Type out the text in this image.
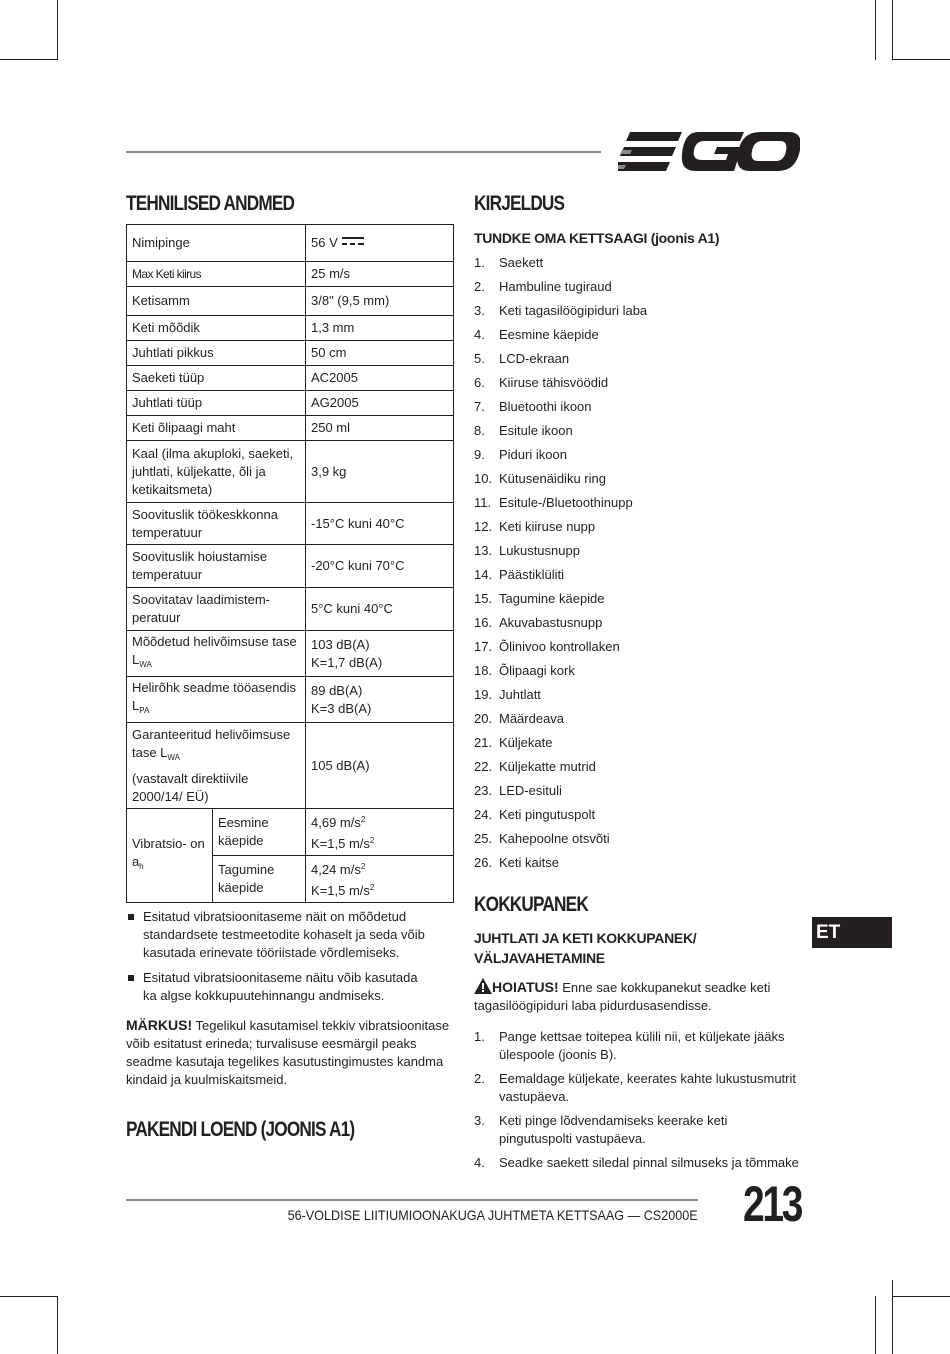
TEHNILISED ANDMED
Nimipinge		56 V
Max Keti kiirus		25 m/s
Ketisamm		3/8" (9,5 mm)
Keti mõõdik		1,3 mm
Juhtlati pikkus		50 cm
Saeketi tüüp		AC2005
Juhtlati tüüp		AG2005
Keti õlipaagi maht		250 ml
Kaal (ilma akuploki, saeketi, juhtlati, küljekatte, õli ja ketikaitsmeta)		3,9 kg
Soovituslik töökeskkonna temperatuur		-15°C kuni 40°C
Soovituslik hoiustamise temperatuur		-20°C kuni 70°C
Soovitatav laadimistem-peratuur		5°C kuni 40°C
Mõõdetud helivõimsuse tase $L_{WA}$		103 dB(A)
K=1,7 dB(A)
Helirõhk seadme tööasendis $L_{PA}$		89 dB(A)
K=3 dB(A)
Garanteeritud helivõimsuse tase $L_{WA}$
(vastavalt direktiivile 2000/14/ EÜ)		105 dB(A)
Vibratsio- on $a_h$	Eesmine käepide	4,69 $m/s^2$
K=1,5 $m/s^2$
	Tagumine käepide	4,24 $m/s^2$
K=1,5 $m/s^2$
Esitatud vibratsioonitaseme näit on mõõdetud standardsete testmeetodite kohaselt ja seda võib kasutada erinevate tööriistade võrdlemiseks.
Esitatud vibratsioonitaseme näitu võib kasutada ka algse kokkupuutehinnangu andmiseks.
MÄRKUS! Tegelikul kasutamisel tekkiv vibratsioonitase võib esitatust erineda; turvalisuse eesmärgil peaks seadme kasutaja tegelikes kasutustingimustes kandma kindaid ja kuulmiskaitsmeid.
PAKENDI LOEND (JOONIS A1)
KIRJELDUS
TUNDKE OMA KETTSAAGI (joonis A1)
1.	Saekett
2.	Hambuline tugiraud
3.	Keti tagasilöögipiduri laba
4.	Eesmine käepide
5.	LCD-ekraan
6.	Kiiruse tähisvöödid
7.	Bluetoothi ikoon
8.	Esitule ikoon
9.	Piduri ikoon
10. Kütusenäidiku ring
11. Esitule-/Bluetoothinupp
12. Keti kiiruse nupp
13. Lukustusnupp
14. Päästiklüliti
15. Tagumine käepide
16. Akuvabastusnupp
17. Õlinivoo kontrollaken
18. Õlipaagi kork
19. Juhtlatt
20. Määrdeava
21. Küljekate
22. Küljekatte mutrid
23. LED-esituli
24. Keti pingutuspolt
25. Kahepoolne otsvõti
26. Keti kaitse
KOKKUPANEK
JUHTLATI JA KETI KOKKUPANEK/
VÄLJAVAHETAMINE
HOIATUS! Enne sae kokkupanekut seadke keti tagasilöögipiduri laba pidurdusasendisse.
1. Pange kettsae toitepea külili nii, et küljekate jääks ülespoole (joonis B).
2. Eemaldage küljekate, keerates kahte lukustusmutrit vastupäeva.
3. Keti pinge lõdvendamiseks keerake keti pingutuspolti vastupäeva.
4. Seadke saekett siledal pinnal silmuseks ja tõmmake
ET
56-VOLDISE LIITIUMIOONAKUGA JUHTMETA KETTSAAG — CS2000E 213
